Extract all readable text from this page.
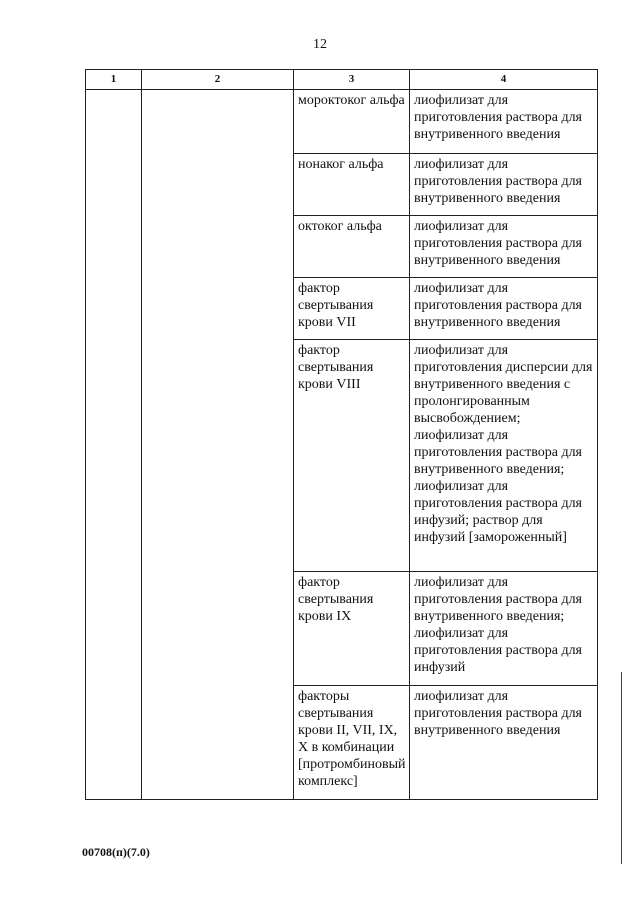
12
1	2	3	4
		мороктоког альфа	лиофилизат для приготовления раствора для внутривенного введения
		нонаког альфа	лиофилизат для приготовления раствора для внутривенного введения
		октоког альфа	лиофилизат для приготовления раствора для внутривенного введения
		фактор свертывания крови VII	лиофилизат для приготовления раствора для внутривенного введения
		фактор свертывания крови VIII	лиофилизат для приготовления дисперсии для внутривенного введения с пролонгированным высвобождением; лиофилизат для приготовления раствора для внутривенного введения; лиофилизат для приготовления раствора для инфузий; раствор для инфузий [замороженный]
		фактор свертывания крови IX	лиофилизат для приготовления раствора для внутривенного введения; лиофилизат для приготовления раствора для инфузий
		факторы свертывания крови II, VII, IX, X в комбинации [протромбиновый комплекс]	лиофилизат для приготовления раствора для внутривенного введения
00708(п)(7.0)
